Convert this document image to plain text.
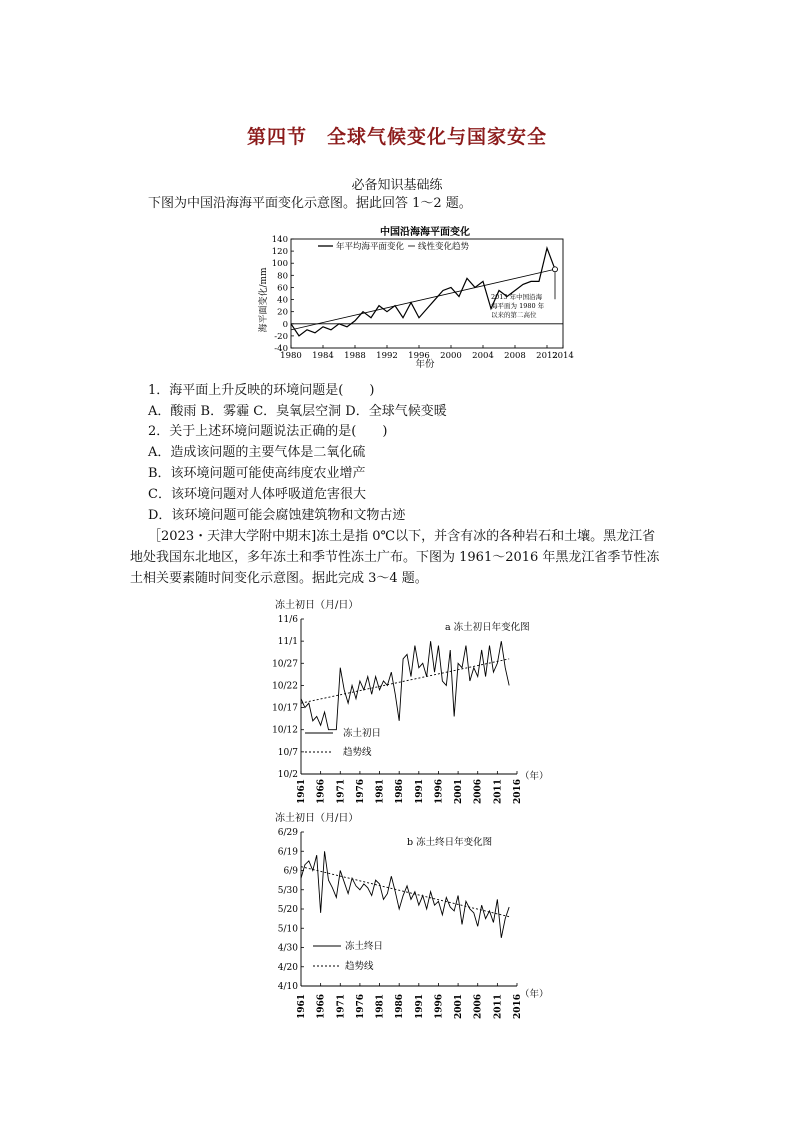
第四节　全球气候变化与国家安全
必备知识基础练
下图为中国沿海海平面变化示意图。据此回答 1～2 题。
中国沿海海平面变化
年平均海平面变化 线性变化趋势
海平面变化/mm
年份
1980 1984 1988 1992 1996 2000 2004 2008 2012
2014
140
120
100
80
60
40
20
0
-20
-40
2013 年中国沿海
海平面为 1980 年
以来的第二高位
1．海平面上升反映的环境问题是(　　)
A．酸雨 B．雾霾 C．臭氧层空洞 D．全球气候变暖
2．关于上述环境问题说法正确的是(　　)
A．造成该问题的主要气体是二氧化硫
B．该环境问题可能使高纬度农业增产
C．该环境问题对人体呼吸道危害很大
D．该环境问题可能会腐蚀建筑物和文物古迹
［2023・天津大学附中期末]冻土是指 0℃以下，并含有冰的各种岩石和土壤。黑龙江省
地处我国东北地区，多年冻土和季节性冻土广布。下图为 1961～2016 年黑龙江省季节性冻
土相关要素随时间变化示意图。据此完成 3～4 题。
冻土初日（月/日）
a 冻土初日年变化图
11/6
11/1
10/27
10/22
10/17
10/12
10/7
10/2
1961 1966 1971 1976 1981 1986 1991 1996 2001 2006 2011 2016
冻土初日
趋势线
（年）
冻土初日（月/日）
b 冻土终日年变化图
6/29
6/19
6/9
5/30
5/20
5/10
4/30
4/20
4/10
1961 1966 1971 1976 1981 1986 1991 1996 2001 2006 2011 2016
冻土终日
趋势线
（年）
